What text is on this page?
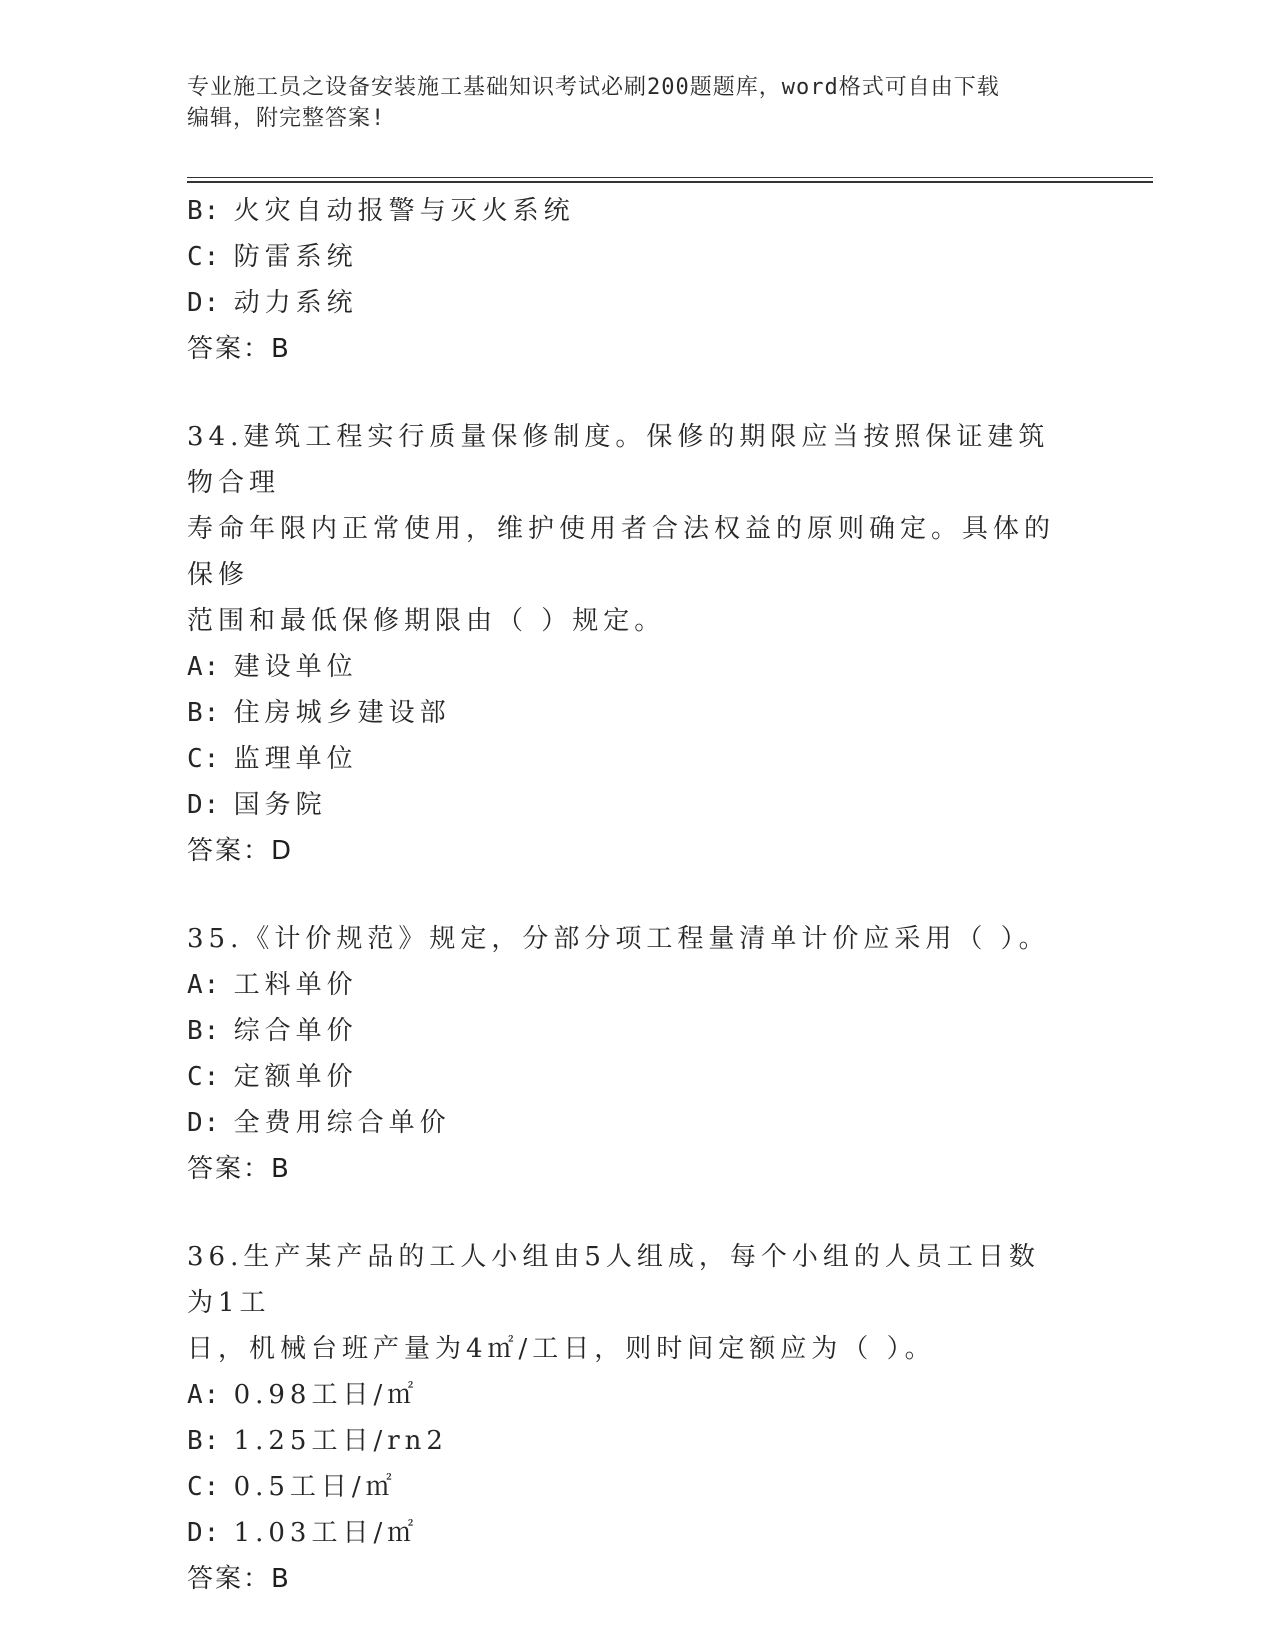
专业施工员之设备安装施工基础知识考试必刷200题题库，word格式可自由下载
编辑，附完整答案!
B: 火灾自动报警与灭火系统
C: 防雷系统
D: 动力系统
答案：B
34.建筑工程实行质量保修制度。保修的期限应当按照保证建筑物合理
寿命年限内正常使用，维护使用者合法权益的原则确定。具体的保修
范围和最低保修期限由（ ）规定。
A: 建设单位
B: 住房城乡建设部
C: 监理单位
D: 国务院
答案：D
35.《计价规范》规定，分部分项工程量清单计价应采用（ ）。
A: 工料单价
B: 综合单价
C: 定额单价
D: 全费用综合单价
答案：B
36.生产某产品的工人小组由5人组成，每个小组的人员工日数为1工
日，机械台班产量为4㎡/工日，则时间定额应为（ ）。
A: 0.98工日/㎡
B: 1.25工日/rn2
C: 0.5工日/㎡
D: 1.03工日/㎡
答案：B
